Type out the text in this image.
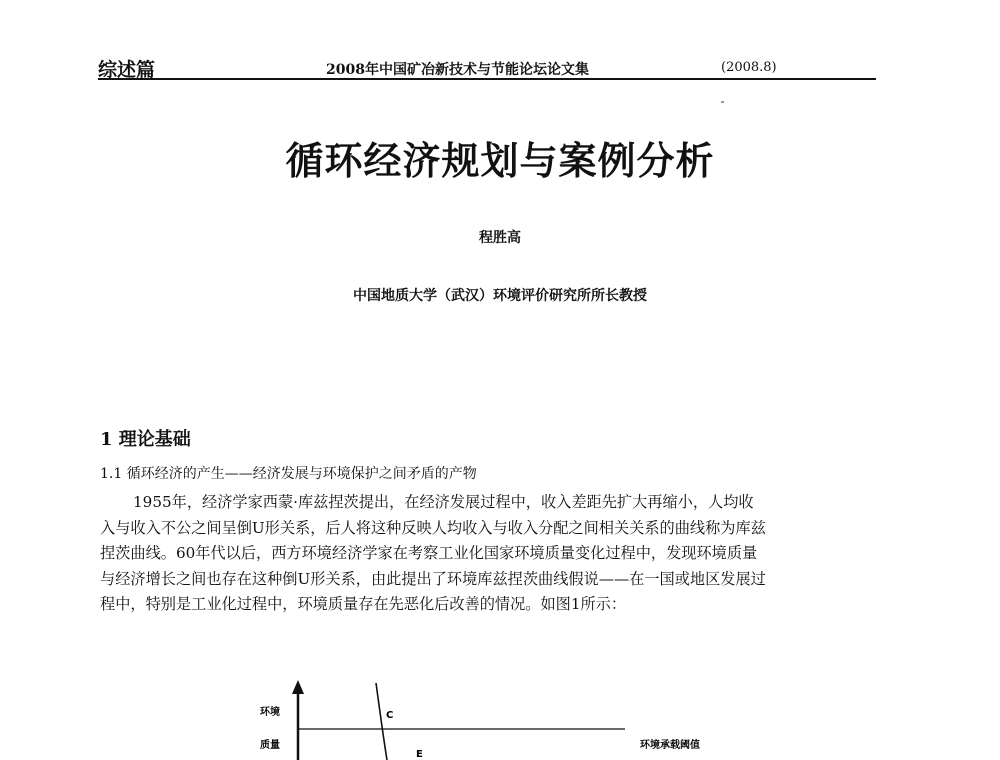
综述篇	2008年中国矿冶新技术与节能论坛论文集	(2008.8)
循环经济规划与案例分析
程胜高
中国地质大学（武汉）环境评价研究所所长教授
1 理论基础
1.1 循环经济的产生——经济发展与环境保护之间矛盾的产物
1955年，经济学家西蒙·库兹捏茨提出，在经济发展过程中，收入差距先扩大再缩小，人均收
入与收入不公之间呈倒U形关系，后人将这种反映人均收入与收入分配之间相关关系的曲线称为库兹
捏茨曲线。60年代以后，西方环境经济学家在考察工业化国家环境质量变化过程中，发现环境质量
与经济增长之间也存在这种倒U形关系，由此提出了环境库兹捏茨曲线假说——在一国或地区发展过
程中，特别是工业化过程中，环境质量存在先恶化后改善的情况。如图1所示：
环境
质量
C
E
环境承载阈值
